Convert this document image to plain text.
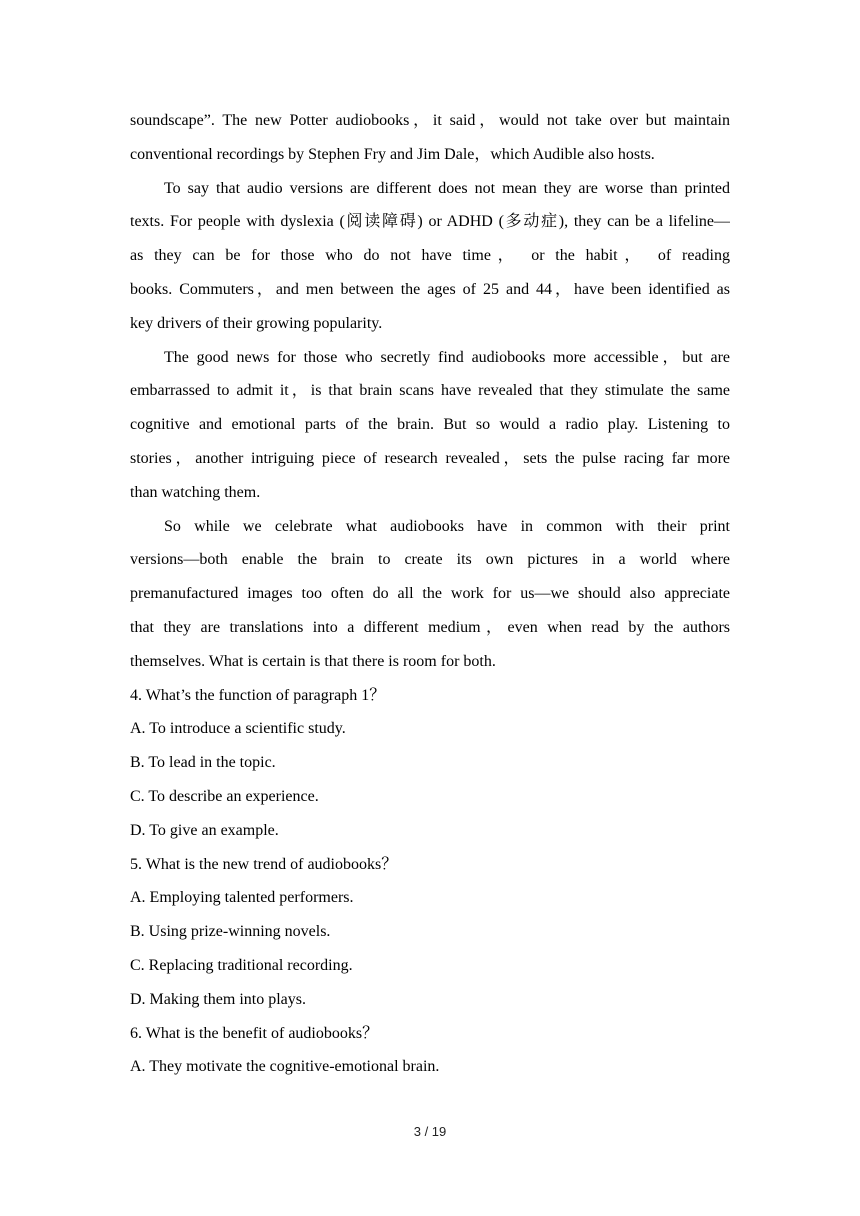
soundscape”. The new Potter audiobooks，it said，would not take over but maintain
conventional recordings by Stephen Fry and Jim Dale，which Audible also hosts.
To say that audio versions are different does not mean they are worse than printed
texts. For people with dyslexia (阅读障碍) or ADHD (多动症), they can be a lifeline—
as they can be for those who do not have time， or the habit， of reading
books. Commuters，and men between the ages of 25 and 44，have been identified as
key drivers of their growing popularity.
The good news for those who secretly find audiobooks more accessible，but are
embarrassed to admit it，is that brain scans have revealed that they stimulate the same
cognitive and emotional parts of the brain. But so would a radio play. Listening to
stories，another intriguing piece of research revealed，sets the pulse racing far more
than watching them.
So while we celebrate what audiobooks have in common with their print
versions—both enable the brain to create its own pictures in a world where
premanufactured images too often do all the work for us—we should also appreciate
that they are translations into a different medium，even when read by the authors
themselves. What is certain is that there is room for both.
4. What’s the function of paragraph 1？
A. To introduce a scientific study.
B. To lead in the topic.
C. To describe an experience.
D. To give an example.
5. What is the new trend of audiobooks？
A. Employing talented performers.
B. Using prize-winning novels.
C. Replacing traditional recording.
D. Making them into plays.
6. What is the benefit of audiobooks？
A. They motivate the cognitive-emotional brain.
3 / 19
